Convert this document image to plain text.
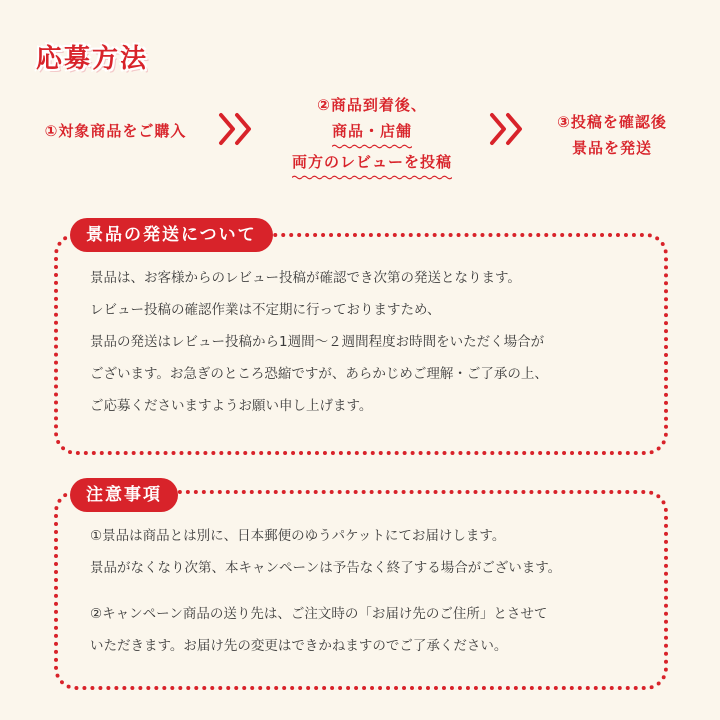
応募方法
①対象商品をご購入
②商品到着後、
商品・店舗
両方のレビューを投稿
③投稿を確認後
景品を発送
景品の発送について
景品は、お客様からのレビュー投稿が確認でき次第の発送となります。
レビュー投稿の確認作業は不定期に行っておりますため、
景品の発送はレビュー投稿から1週間〜２週間程度お時間をいただく場合が
ございます。お急ぎのところ恐縮ですが、あらかじめご理解・ご了承の上、
ご応募くださいますようお願い申し上げます。
注意事項
①景品は商品とは別に、日本郵便のゆうパケットにてお届けします。
景品がなくなり次第、本キャンペーンは予告なく終了する場合がございます。
②キャンペーン商品の送り先は、ご注文時の「お届け先のご住所」とさせて
いただきます。お届け先の変更はできかねますのでご了承ください。
